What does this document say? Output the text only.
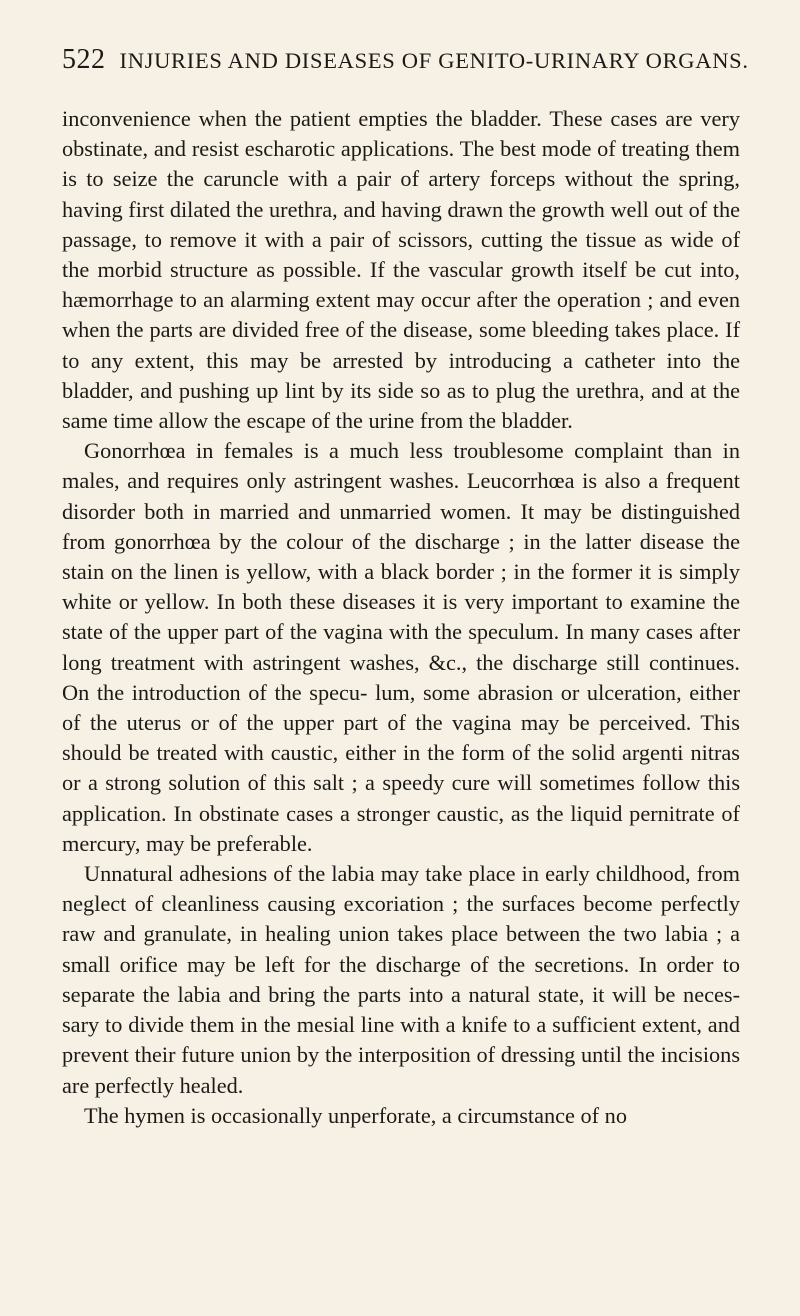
522 INJURIES AND DISEASES OF GENITO-URINARY ORGANS.

inconvenience when the patient empties the bladder. These cases are very obstinate, and resist escharotic applications. The best mode of treating them is to seize the caruncle with a pair of artery forceps without the spring, having first dilated the urethra, and having drawn the growth well out of the passage, to remove it with a pair of scissors, cutting the tissue as wide of the morbid structure as possible. If the vascular growth itself be cut into, hæmorrhage to an alarming extent may occur after the operation ; and even when the parts are divided free of the disease, some bleeding takes place. If to any extent, this may be arrested by introducing a catheter into the bladder, and pushing up lint by its side so as to plug the urethra, and at the same time allow the escape of the urine from the bladder.

Gonorrhœa in females is a much less troublesome complaint than in males, and requires only astringent washes. Leucorrhœa is also a frequent disorder both in married and unmarried women. It may be distinguished from gonorrhœa by the colour of the discharge ; in the latter disease the stain on the linen is yellow, with a black border ; in the former it is simply white or yellow. In both these diseases it is very important to examine the state of the upper part of the vagina with the speculum. In many cases after long treatment with astringent washes, &c., the discharge still continues. On the introduction of the specu- lum, some abrasion or ulceration, either of the uterus or of the upper part of the vagina may be perceived. This should be treated with caustic, either in the form of the solid argenti nitras or a strong solution of this salt ; a speedy cure will sometimes follow this application. In obstinate cases a stronger caustic, as the liquid pernitrate of mercury, may be preferable.

Unnatural adhesions of the labia may take place in early childhood, from neglect of cleanliness causing excoriation ; the surfaces become perfectly raw and granulate, in healing union takes place between the two labia ; a small orifice may be left for the discharge of the secretions. In order to separate the labia and bring the parts into a natural state, it will be neces- sary to divide them in the mesial line with a knife to a sufficient extent, and prevent their future union by the interposition of dressing until the incisions are perfectly healed.

The hymen is occasionally unperforate, a circumstance of no
